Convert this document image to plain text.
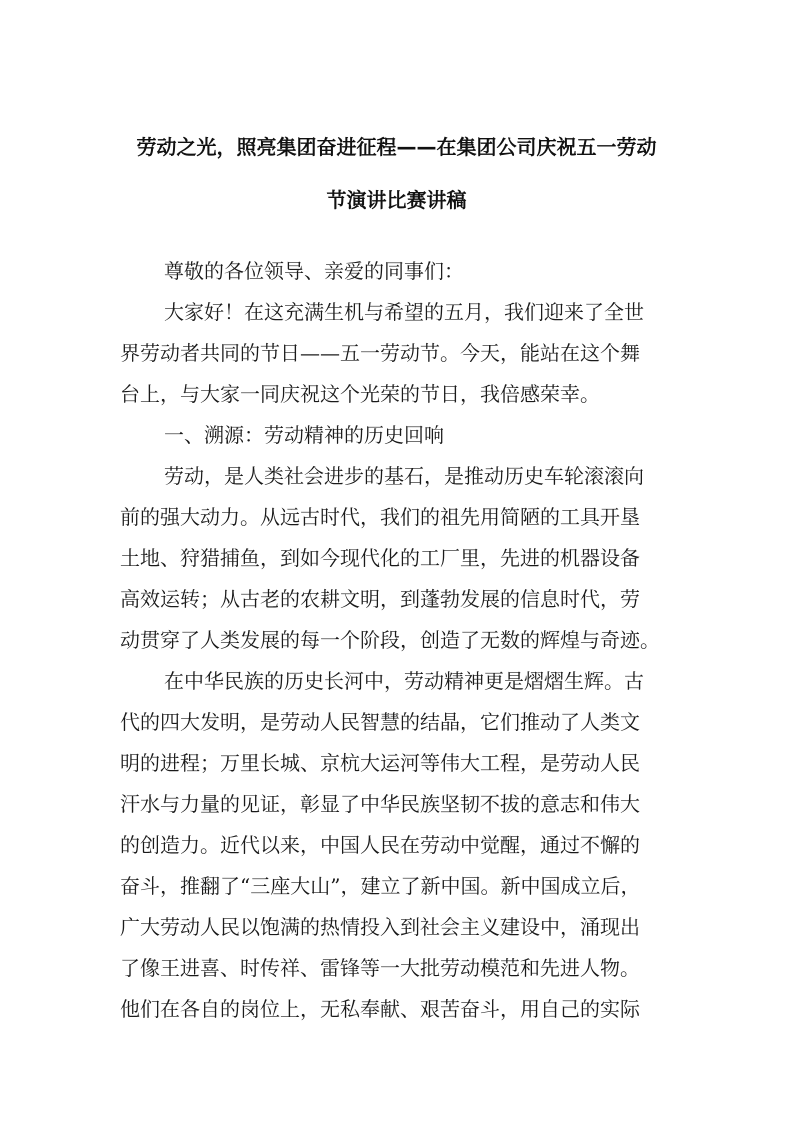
劳动之光，照亮集团奋进征程——在集团公司庆祝五一劳动
节演讲比赛讲稿
尊敬的各位领导、亲爱的同事们：
大家好！在这充满生机与希望的五月，我们迎来了全世
界劳动者共同的节日——五一劳动节。今天，能站在这个舞
台上，与大家一同庆祝这个光荣的节日，我倍感荣幸。
一、溯源：劳动精神的历史回响
劳动，是人类社会进步的基石，是推动历史车轮滚滚向
前的强大动力。从远古时代，我们的祖先用简陋的工具开垦
土地、狩猎捕鱼，到如今现代化的工厂里，先进的机器设备
高效运转；从古老的农耕文明，到蓬勃发展的信息时代，劳
动贯穿了人类发展的每一个阶段，创造了无数的辉煌与奇迹。
在中华民族的历史长河中，劳动精神更是熠熠生辉。古
代的四大发明，是劳动人民智慧的结晶，它们推动了人类文
明的进程；万里长城、京杭大运河等伟大工程，是劳动人民
汗水与力量的见证，彰显了中华民族坚韧不拔的意志和伟大
的创造力。近代以来，中国人民在劳动中觉醒，通过不懈的
奋斗，推翻了“三座大山”，建立了新中国。新中国成立后，
广大劳动人民以饱满的热情投入到社会主义建设中，涌现出
了像王进喜、时传祥、雷锋等一大批劳动模范和先进人物。
他们在各自的岗位上，无私奉献、艰苦奋斗，用自己的实际
